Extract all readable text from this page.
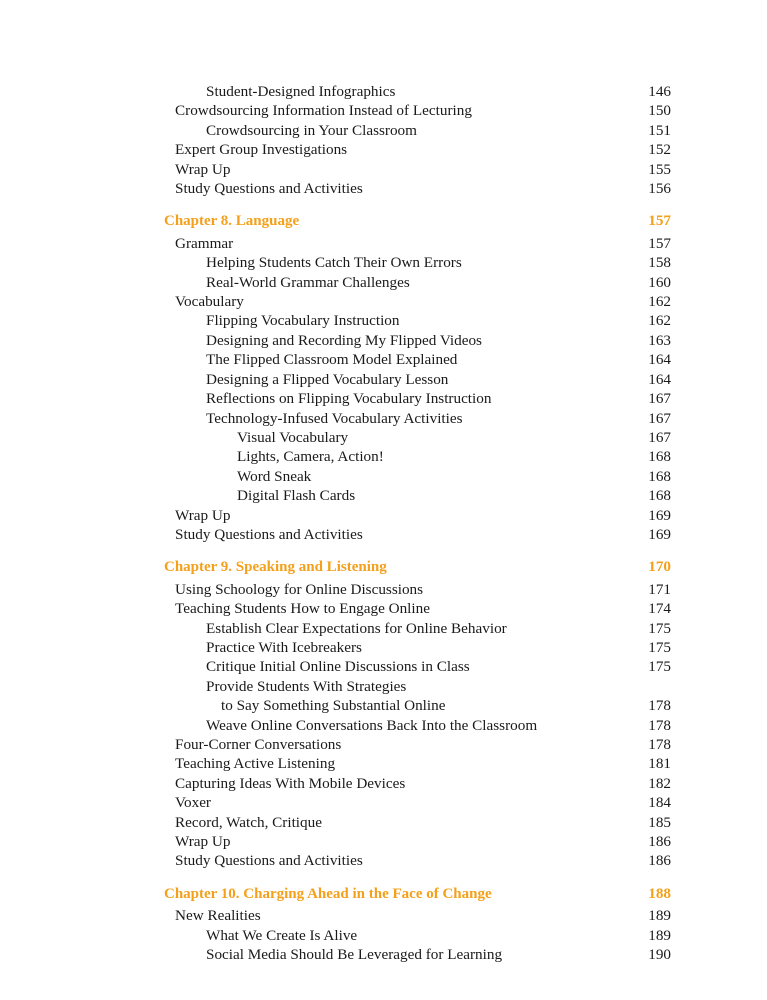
Student-Designed Infographics	146
Crowdsourcing Information Instead of Lecturing	150
Crowdsourcing in Your Classroom	151
Expert Group Investigations	152
Wrap Up	155
Study Questions and Activities	156
Chapter 8. Language	157
Grammar	157
Helping Students Catch Their Own Errors	158
Real-World Grammar Challenges	160
Vocabulary	162
Flipping Vocabulary Instruction	162
Designing and Recording My Flipped Videos	163
The Flipped Classroom Model Explained	164
Designing a Flipped Vocabulary Lesson	164
Reflections on Flipping Vocabulary Instruction	167
Technology-Infused Vocabulary Activities	167
Visual Vocabulary	167
Lights, Camera, Action!	168
Word Sneak	168
Digital Flash Cards	168
Wrap Up	169
Study Questions and Activities	169
Chapter 9. Speaking and Listening	170
Using Schoology for Online Discussions	171
Teaching Students How to Engage Online	174
Establish Clear Expectations for Online Behavior	175
Practice With Icebreakers	175
Critique Initial Online Discussions in Class	175
Provide Students With Strategies
to Say Something Substantial Online	178
Weave Online Conversations Back Into the Classroom	178
Four-Corner Conversations	178
Teaching Active Listening	181
Capturing Ideas With Mobile Devices	182
Voxer	184
Record, Watch, Critique	185
Wrap Up	186
Study Questions and Activities	186
Chapter 10. Charging Ahead in the Face of Change	188
New Realities	189
What We Create Is Alive	189
Social Media Should Be Leveraged for Learning	190
